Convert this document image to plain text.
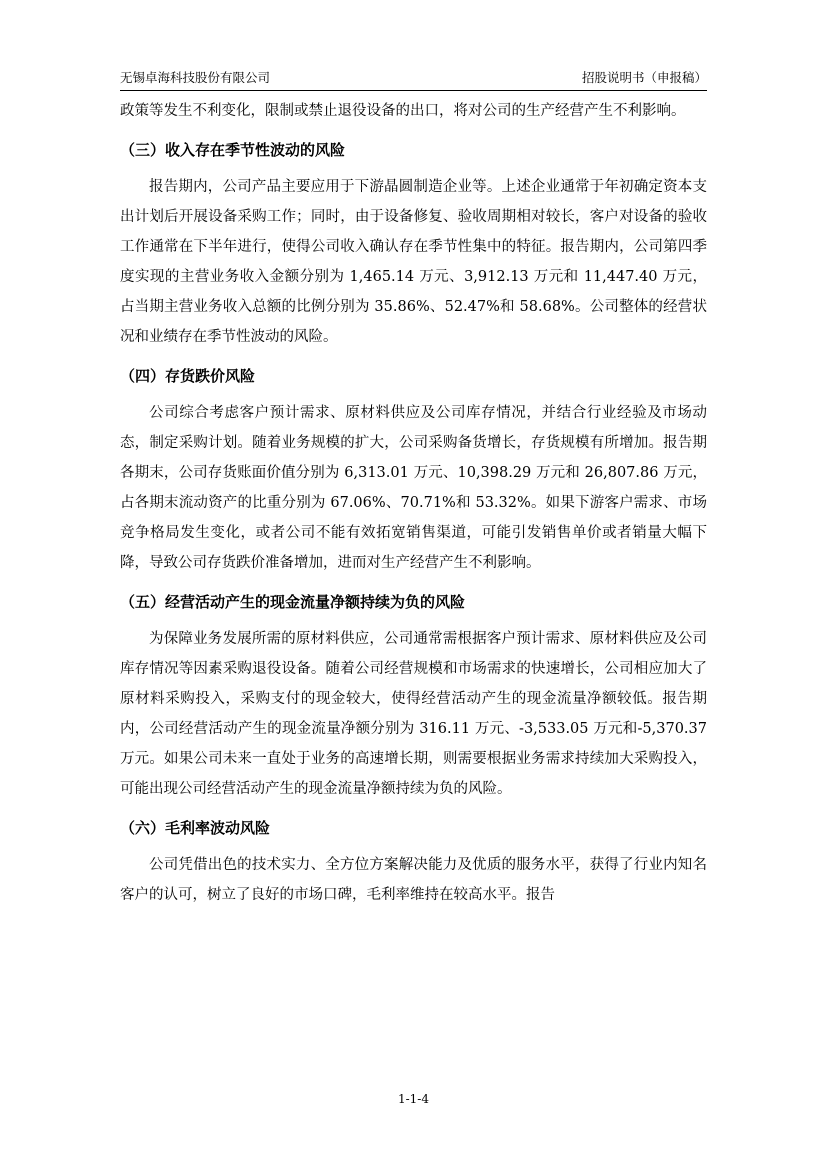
无锡卓海科技股份有限公司	招股说明书（申报稿）

政策等发生不利变化，限制或禁止退役设备的出口，将对公司的生产经营产生不利影响。

（三）收入存在季节性波动的风险

报告期内，公司产品主要应用于下游晶圆制造企业等。上述企业通常于年初确定资本支出计划后开展设备采购工作；同时，由于设备修复、验收周期相对较长，客户对设备的验收工作通常在下半年进行，使得公司收入确认存在季节性集中的特征。报告期内，公司第四季度实现的主营业务收入金额分别为 1,465.14 万元、3,912.13 万元和 11,447.40 万元，占当期主营业务收入总额的比例分别为 35.86%、52.47%和 58.68%。公司整体的经营状况和业绩存在季节性波动的风险。

（四）存货跌价风险

公司综合考虑客户预计需求、原材料供应及公司库存情况，并结合行业经验及市场动态，制定采购计划。随着业务规模的扩大，公司采购备货增长，存货规模有所增加。报告期各期末，公司存货账面价值分别为 6,313.01 万元、10,398.29 万元和 26,807.86 万元，占各期末流动资产的比重分别为 67.06%、70.71%和 53.32%。如果下游客户需求、市场竞争格局发生变化，或者公司不能有效拓宽销售渠道，可能引发销售单价或者销量大幅下降，导致公司存货跌价准备增加，进而对生产经营产生不利影响。

（五）经营活动产生的现金流量净额持续为负的风险

为保障业务发展所需的原材料供应，公司通常需根据客户预计需求、原材料供应及公司库存情况等因素采购退役设备。随着公司经营规模和市场需求的快速增长，公司相应加大了原材料采购投入，采购支付的现金较大，使得经营活动产生的现金流量净额较低。报告期内，公司经营活动产生的现金流量净额分别为 316.11 万元、-3,533.05 万元和-5,370.37 万元。如果公司未来一直处于业务的高速增长期，则需要根据业务需求持续加大采购投入，可能出现公司经营活动产生的现金流量净额持续为负的风险。

（六）毛利率波动风险

公司凭借出色的技术实力、全方位方案解决能力及优质的服务水平，获得了行业内知名客户的认可，树立了良好的市场口碑，毛利率维持在较高水平。报告

1-1-4
